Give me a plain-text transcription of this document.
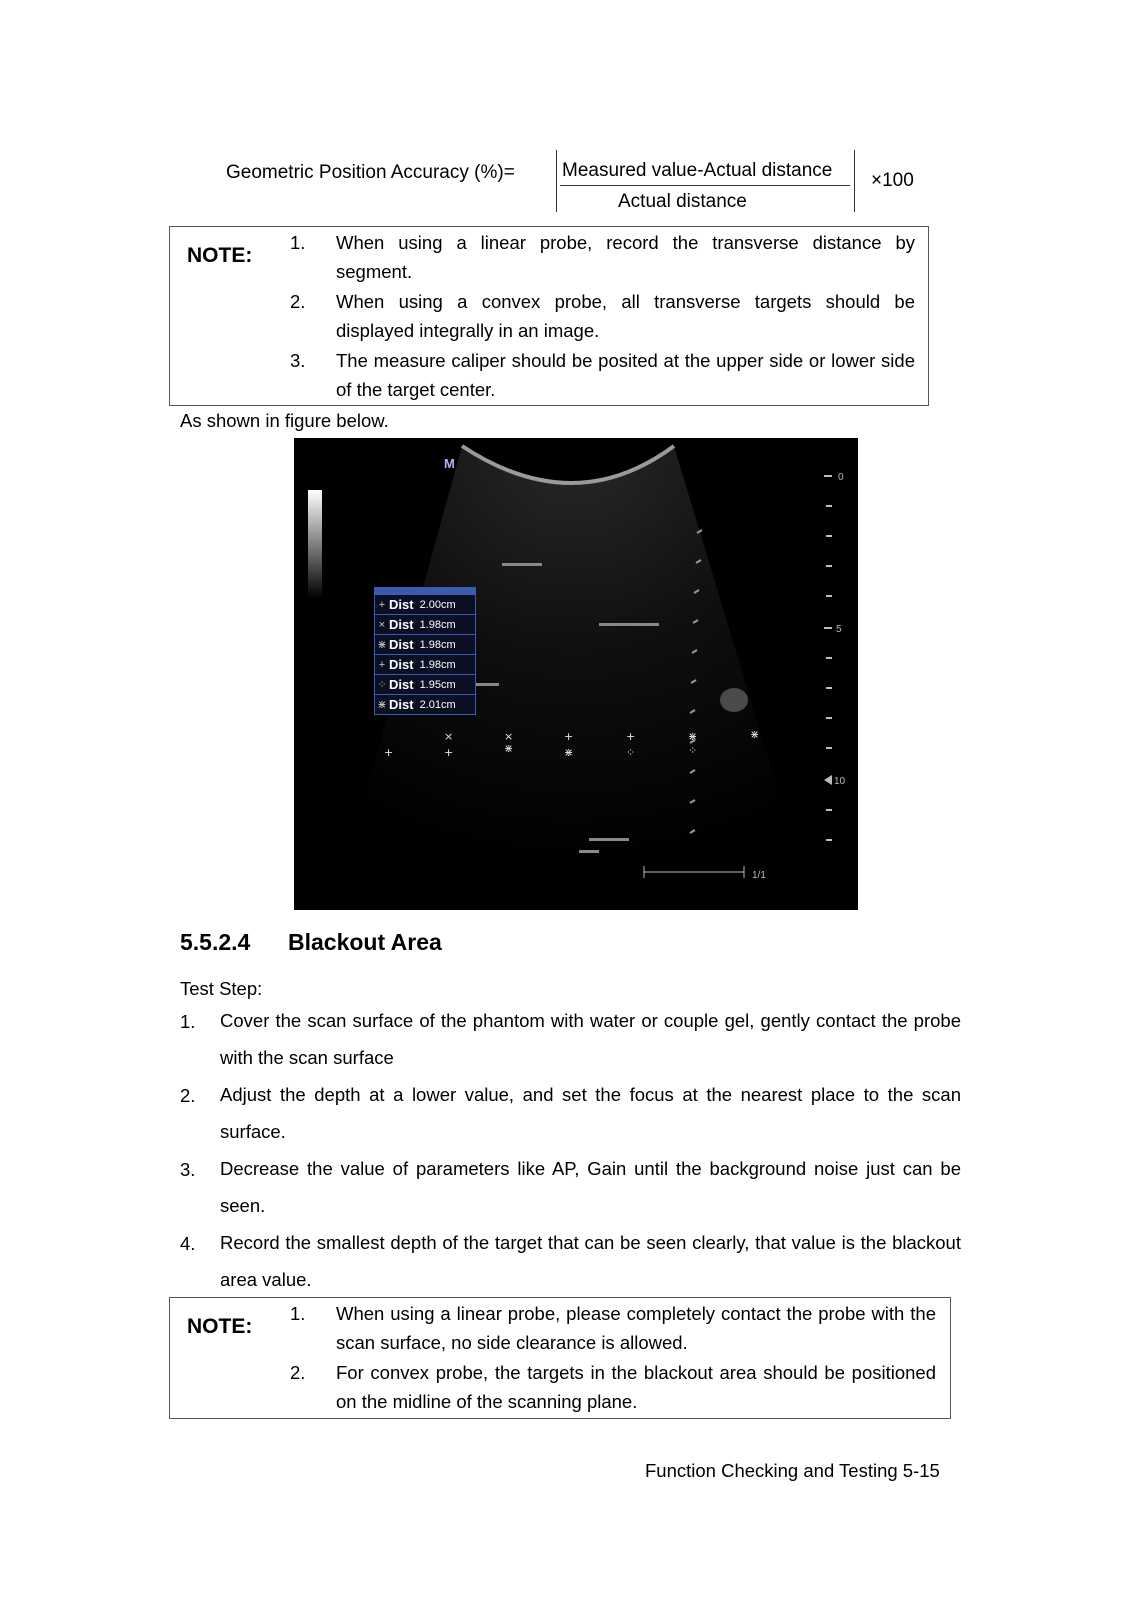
Geometric Position Accuracy (%)= Measured value-Actual distance
Actual distance
×100
NOTE:
1. When using a linear probe, record the transverse distance by segment.
2. When using a convex probe, all transverse targets should be displayed integrally in an image.
3. The measure caliper should be posited at the upper side or lower side of the target center.
As shown in figure below.
M
0
5
10
+
×
+
×
⋇
+
⋇
+
⁘
⋇
⁘
⋇
1/1
+ Dist 2.00cm
× Dist 1.98cm
⋇ Dist 1.98cm
+ Dist 1.98cm
⁘ Dist 1.95cm
⋇ Dist 2.01cm
5.5.2.4 Blackout Area
Test Step:
1. Cover the scan surface of the phantom with water or couple gel, gently contact the probe with the scan surface
2. Adjust the depth at a lower value, and set the focus at the nearest place to the scan surface.
3. Decrease the value of parameters like AP, Gain until the background noise just can be seen.
4. Record the smallest depth of the target that can be seen clearly, that value is the blackout area value.
NOTE:
1. When using a linear probe, please completely contact the probe with the scan surface, no side clearance is allowed.
2. For convex probe, the targets in the blackout area should be positioned on the midline of the scanning plane.
Function Checking and Testing 5-15
